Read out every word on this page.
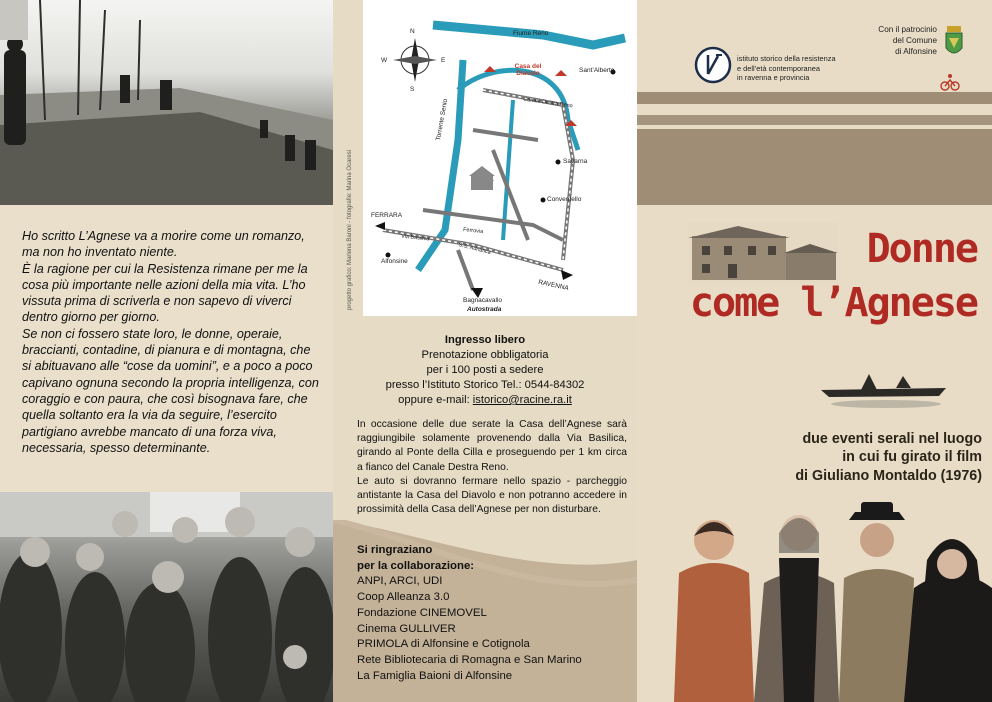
Ho scritto L’Agnese va a morire come un romanzo, ma non ho inventato niente.

È la ragione per cui la Resistenza rimane per me la cosa più importante nelle azioni della mia vita. L’ho vissuta prima di scriverla e non sapevo di viverci dentro giorno per giorno.

Se non ci fossero state loro, le donne, operaie, braccianti, contadine, di pianura e di montagna, che si abituavano alle “cose da uomini”, e a poco a poco capivano ognuna secondo la propria intelligenza, con coraggio e con paura, che così bisognava fare, che quella soltanto era la via da seguire, l’esercito partigiano avrebbe mancato di una forza viva, necessaria, spesso determinante.

progetto grafico: Marlena Baroni - fotografie: Marina Ocaresi
N
S
E
W
Fiume Reno
Casa del Diavolo	Sant’Alberto
Torrente Senio	Canale Destra Reno
Savarna
Conventello
FERRARA
Alfonsine
RAVENNA
Bagnacavallo
Autostrada
S.S. Adriatica
Ferrovia
Via Basilica
Ingresso libero
Prenotazione obbligatoria
per i 100 posti a sedere
presso l’Istituto Storico Tel.: 0544-84302
oppure e-mail: istorico@racine.ra.it

In occasione delle due serate la Casa dell’Agnese sarà raggiungibile solamente provenendo dalla Via Basilica, girando al Ponte della Cilla e proseguendo per 1 km circa a fianco del Canale Destra Reno.

Le auto si dovranno fermare nello spazio - parcheggio antistante la Casa del Diavolo e non potranno accedere in prossimità della Casa dell’Agnese per non disturbare.

Si ringraziano
per la collaborazione:
ANPI, ARCI, UDI
Coop Alleanza 3.0
Fondazione CINEMOVEL
Cinema GULLIVER
PRIMOLA di Alfonsine e Cotignola
Rete Bibliotecaria di Romagna e San Marino
La Famiglia Baioni di Alfonsine
Con il patrocinio
del Comune
di Alfonsine
istituto storico della resistenza
e dell’età contemporanea
in ravenna e provincia
Donne
come l’Agnese
due eventi serali nel luogo
in cui fu girato il film
di Giuliano Montaldo (1976)
